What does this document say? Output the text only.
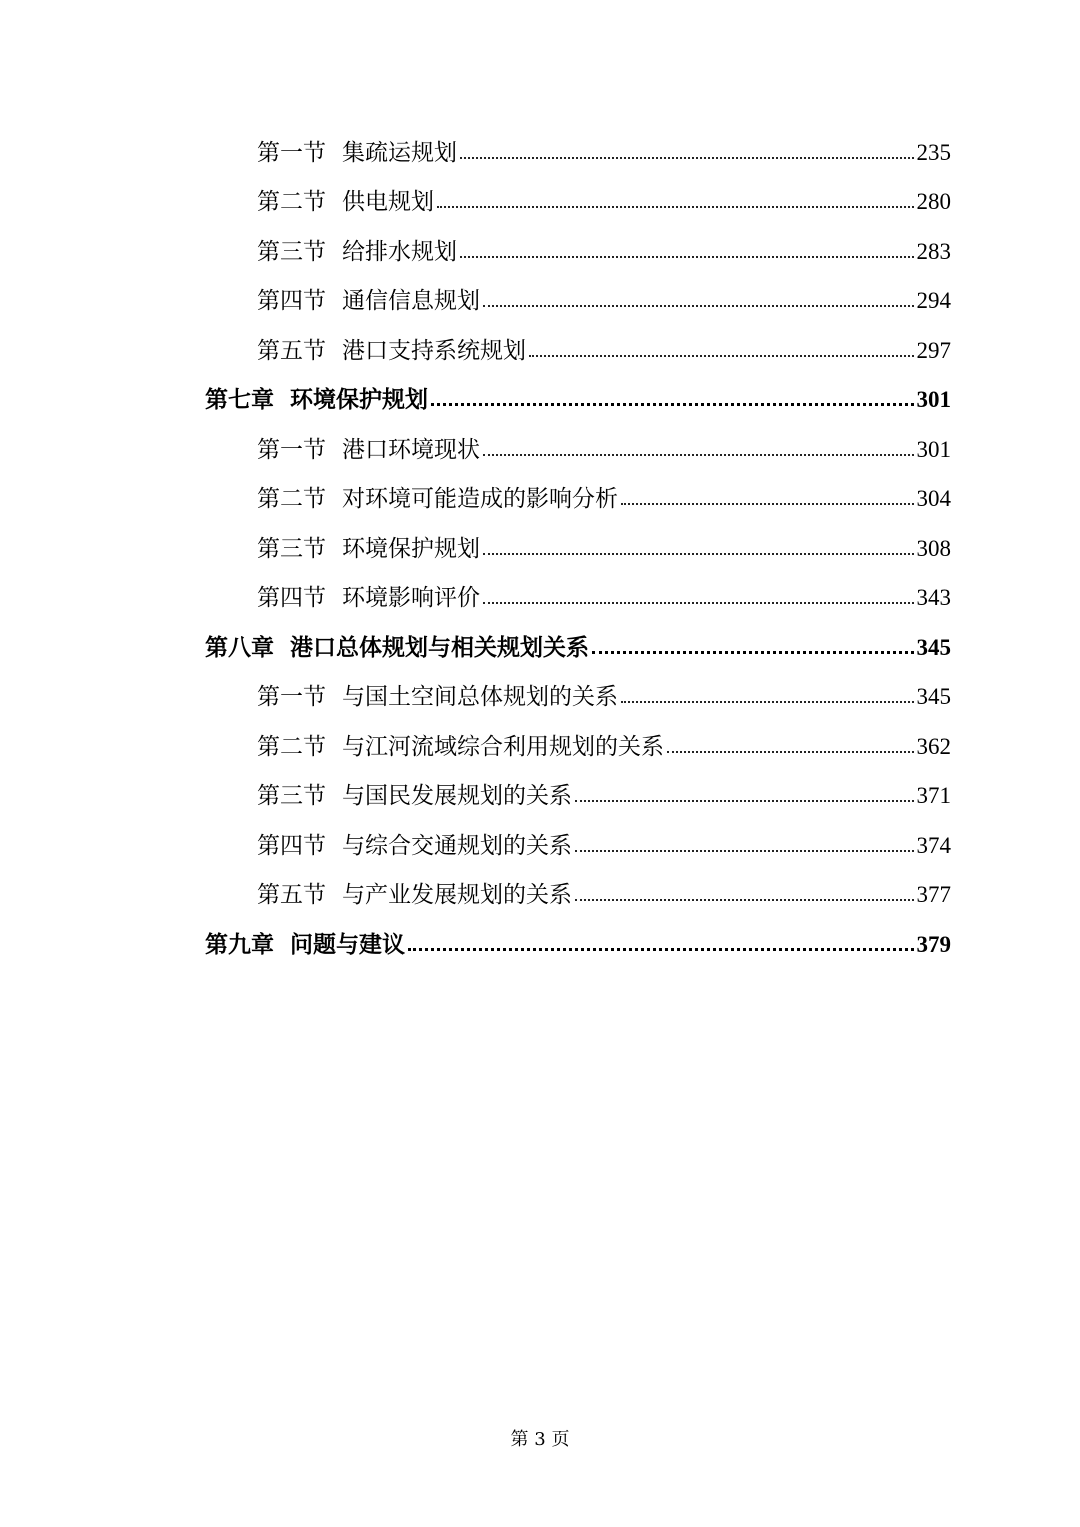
第一节 集疏运规划	235
第二节 供电规划	280
第三节 给排水规划	283
第四节 通信信息规划	294
第五节 港口支持系统规划	297
第七章 环境保护规划	301
第一节 港口环境现状	301
第二节 对环境可能造成的影响分析	304
第三节 环境保护规划	308
第四节 环境影响评价	343
第八章 港口总体规划与相关规划关系	345
第一节 与国土空间总体规划的关系	345
第二节 与江河流域综合利用规划的关系	362
第三节 与国民发展规划的关系	371
第四节 与综合交通规划的关系	374
第五节 与产业发展规划的关系	377
第九章 问题与建议	379
第 3 页
